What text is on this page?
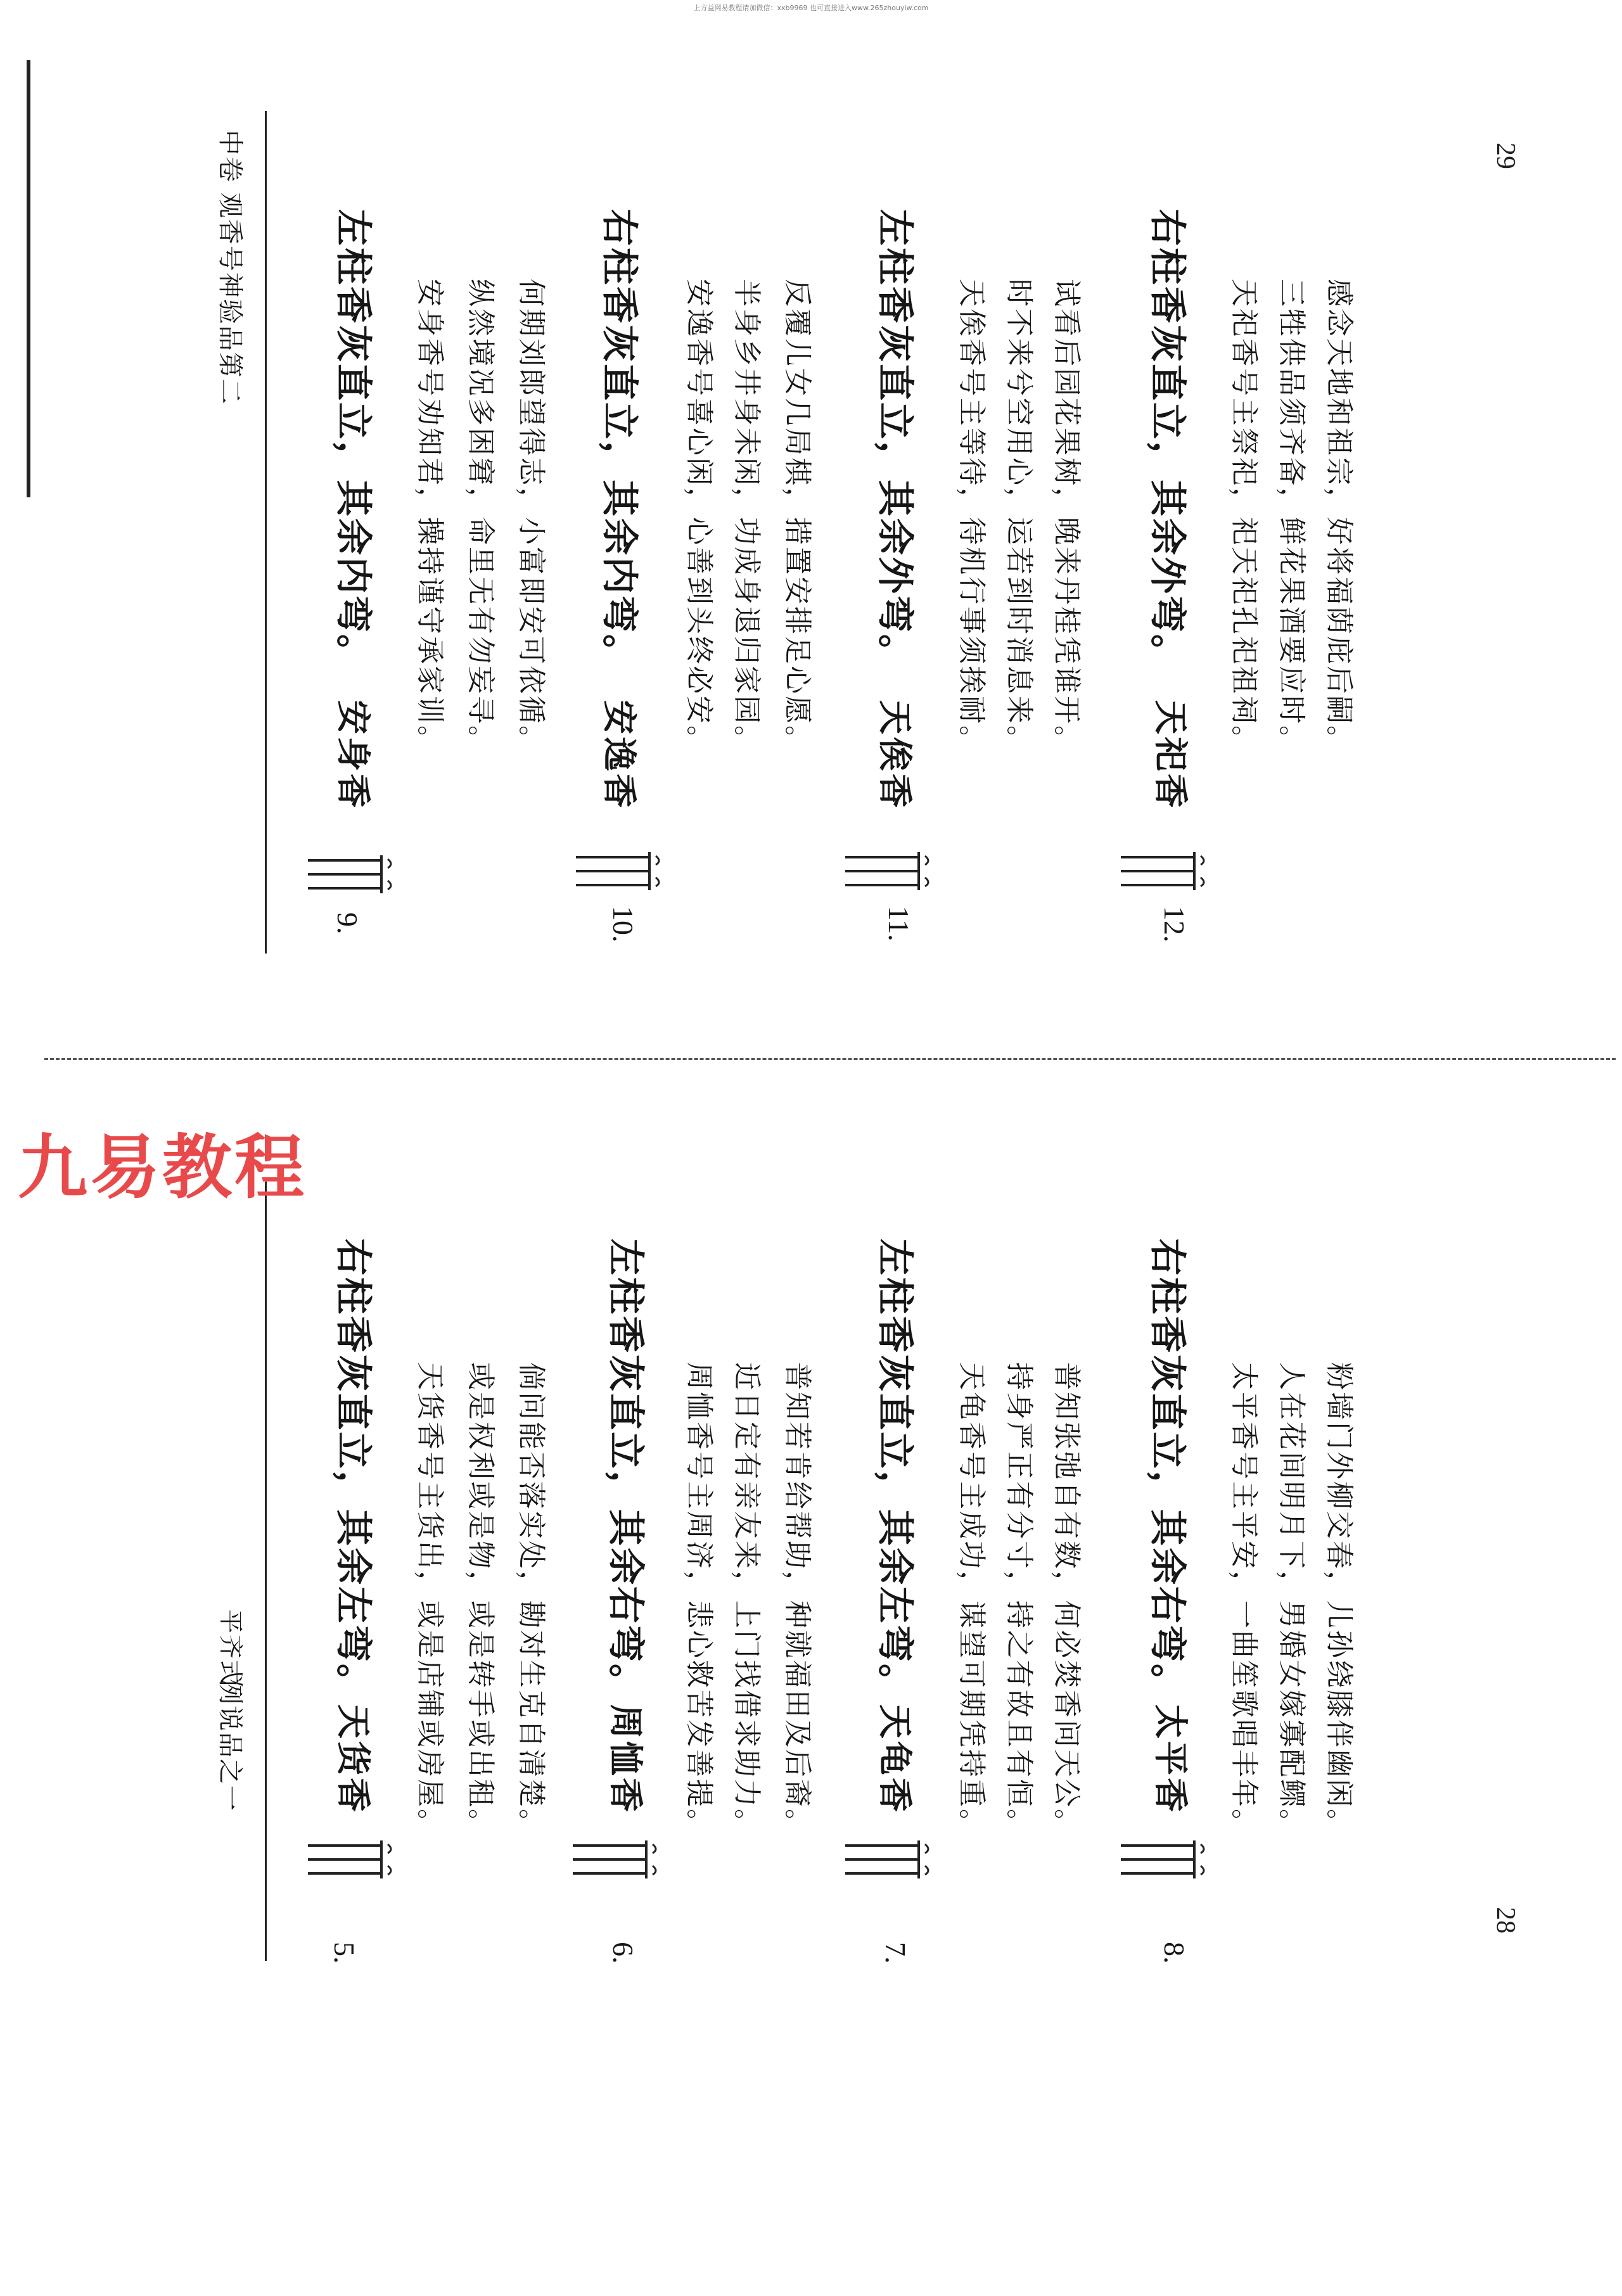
上方益网易教程请加微信：xxb9969 也可直接进入www.265zhouyiw.com
九易教程
例说品之一
平齐式
28
5.
天货香
右柱香灰直立，其余左弯。 天货香号主货出，或是店铺或房屋。 或是权利或是物，或是转手或出租。 倘问能否落实处，勘对生克自清楚。
6.
周恤香
左柱香灰直立，其余右弯。 周恤香号主周济，悲心救苦发善提。 近日定有亲友来，上门找借求助力。 普知若肯给帮助，种就福田及后裔。
7.
天龟香
左柱香灰直立，其余左弯。 天龟香号主成功，谋望可期凭持重。 持身严正有分寸，持之有故且有恒。 普知张弛自有数，何必焚香问天公。
8.
太平香
右柱香灰直立，其余右弯。 太平香号主平安，一曲笙歌唱丰年。 人在花间明月下，男婚女嫁寡配鳏。 粉墙门外柳交春，儿孙绕膝伴幽闲。
中卷 观香号神验品第二	29
9.
安身香
左柱香灰直立，其余内弯。 安身香号劝知君，操持谨守承家训。 纵然境况多困窘，命里无有勿妄寻。 何期刘郎望得志，小富即安可依循。
10.
安逸香
右柱香灰直立，其余内弯。 安逸香号喜心闲，心善到头终必安。 半身乡井身未闲，功成身退归家园。 反覆儿女几局棋，措置安排足心愿。
11.
天俟香
左柱香灰直立，其余外弯。 天俟香号主等待，待机行事须挨耐。 时不来兮空用心，运若到时消息来。 试看后园花果树，晚来丹桂凭谁开。
12.
天祀香
右柱香灰直立，其余外弯。 天祀香号主祭祀，祀天祀孔祀祖祠。 三牲供品须齐备，鲜花果酒要应时。 感念天地和祖宗，好将福荫庇后嗣。
